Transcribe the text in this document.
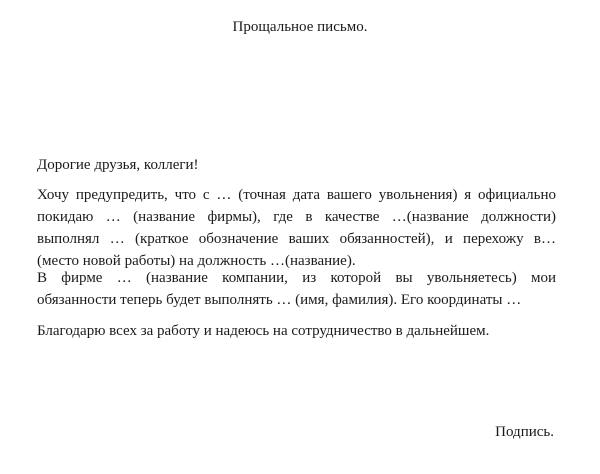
Прощальное письмо.
Дорогие друзья, коллеги!
Хочу предупредить, что с … (точная дата вашего увольнения) я официально
покидаю … (название фирмы), где в качестве …(название должности)
выполнял … (краткое обозначение ваших обязанностей), и перехожу в…
(место новой работы) на должность …(название).
В фирме … (название компании, из которой вы увольняетесь) мои
обязанности теперь будет выполнять … (имя, фамилия). Его координаты …
Благодарю всех за работу и надеюсь на сотрудничество в дальнейшем.
Подпись.
